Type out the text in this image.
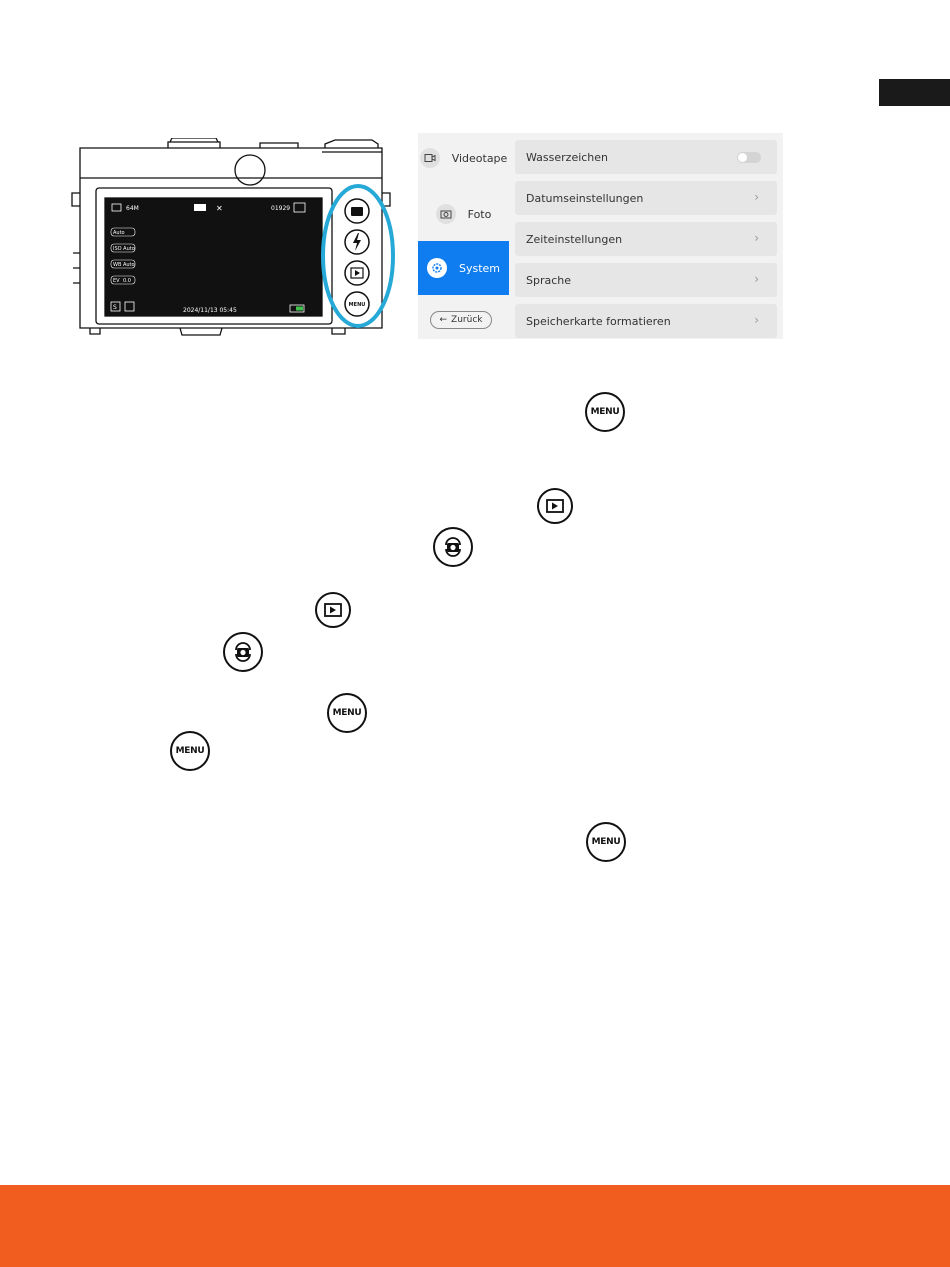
64M	✕	01929
Auto
ISO Auto
WB Auto
EV 0.0
S	2024/11/13 05:45
MENU
Videotape
Foto
System
← Zurück
Wasserzeichen
Datumseinstellungen	›
Zeiteinstellungen	›
Sprache	›
Speicherkarte formatieren	›
MENU
MENU
MENU
MENU
